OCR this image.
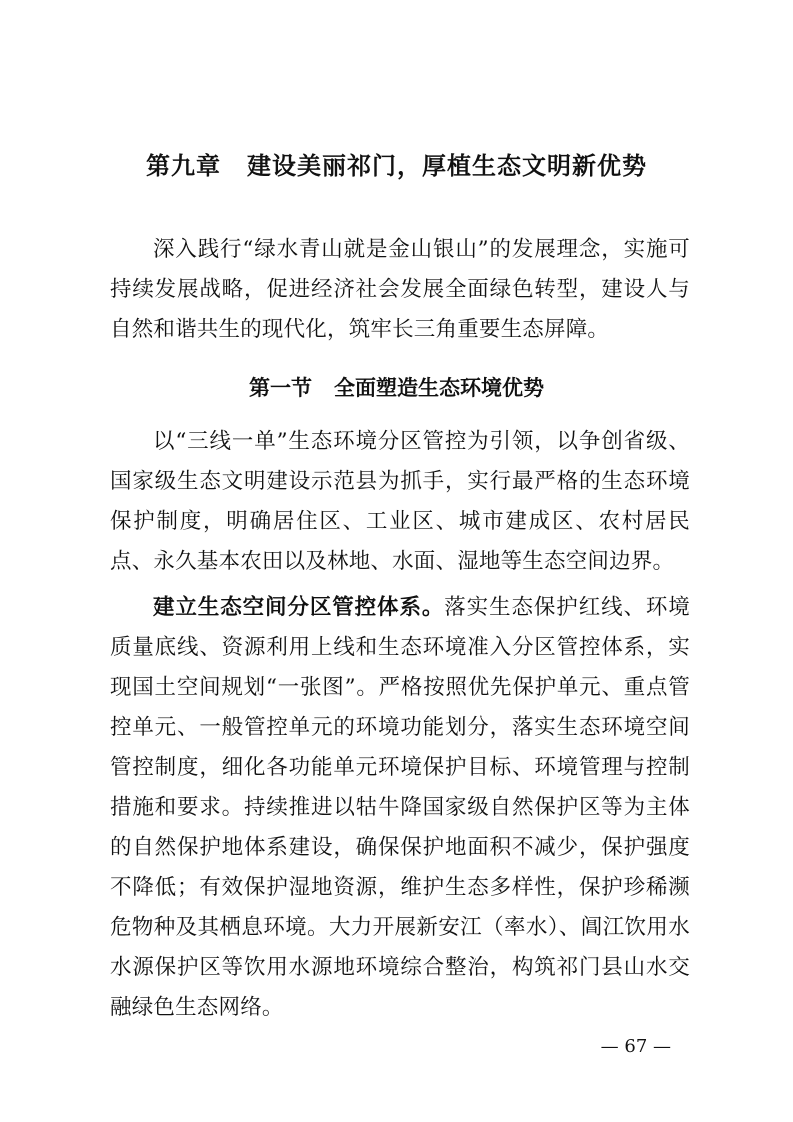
第九章 建设美丽祁门，厚植生态文明新优势

深入践行“绿水青山就是金山银山”的发展理念，实施可持续发展战略，促进经济社会发展全面绿色转型，建设人与自然和谐共生的现代化，筑牢长三角重要生态屏障。

第一节 全面塑造生态环境优势

以“三线一单”生态环境分区管控为引领，以争创省级、国家级生态文明建设示范县为抓手，实行最严格的生态环境保护制度，明确居住区、工业区、城市建成区、农村居民点、永久基本农田以及林地、水面、湿地等生态空间边界。

建立生态空间分区管控体系。落实生态保护红线、环境质量底线、资源利用上线和生态环境准入分区管控体系，实现国土空间规划“一张图”。严格按照优先保护单元、重点管控单元、一般管控单元的环境功能划分，落实生态环境空间管控制度，细化各功能单元环境保护目标、环境管理与控制措施和要求。持续推进以牯牛降国家级自然保护区等为主体的自然保护地体系建设，确保保护地面积不减少，保护强度不降低；有效保护湿地资源，维护生态多样性，保护珍稀濒危物种及其栖息环境。大力开展新安江（率水）、阊江饮用水水源保护区等饮用水源地环境综合整治，构筑祁门县山水交融绿色生态网络。

— 67 —
